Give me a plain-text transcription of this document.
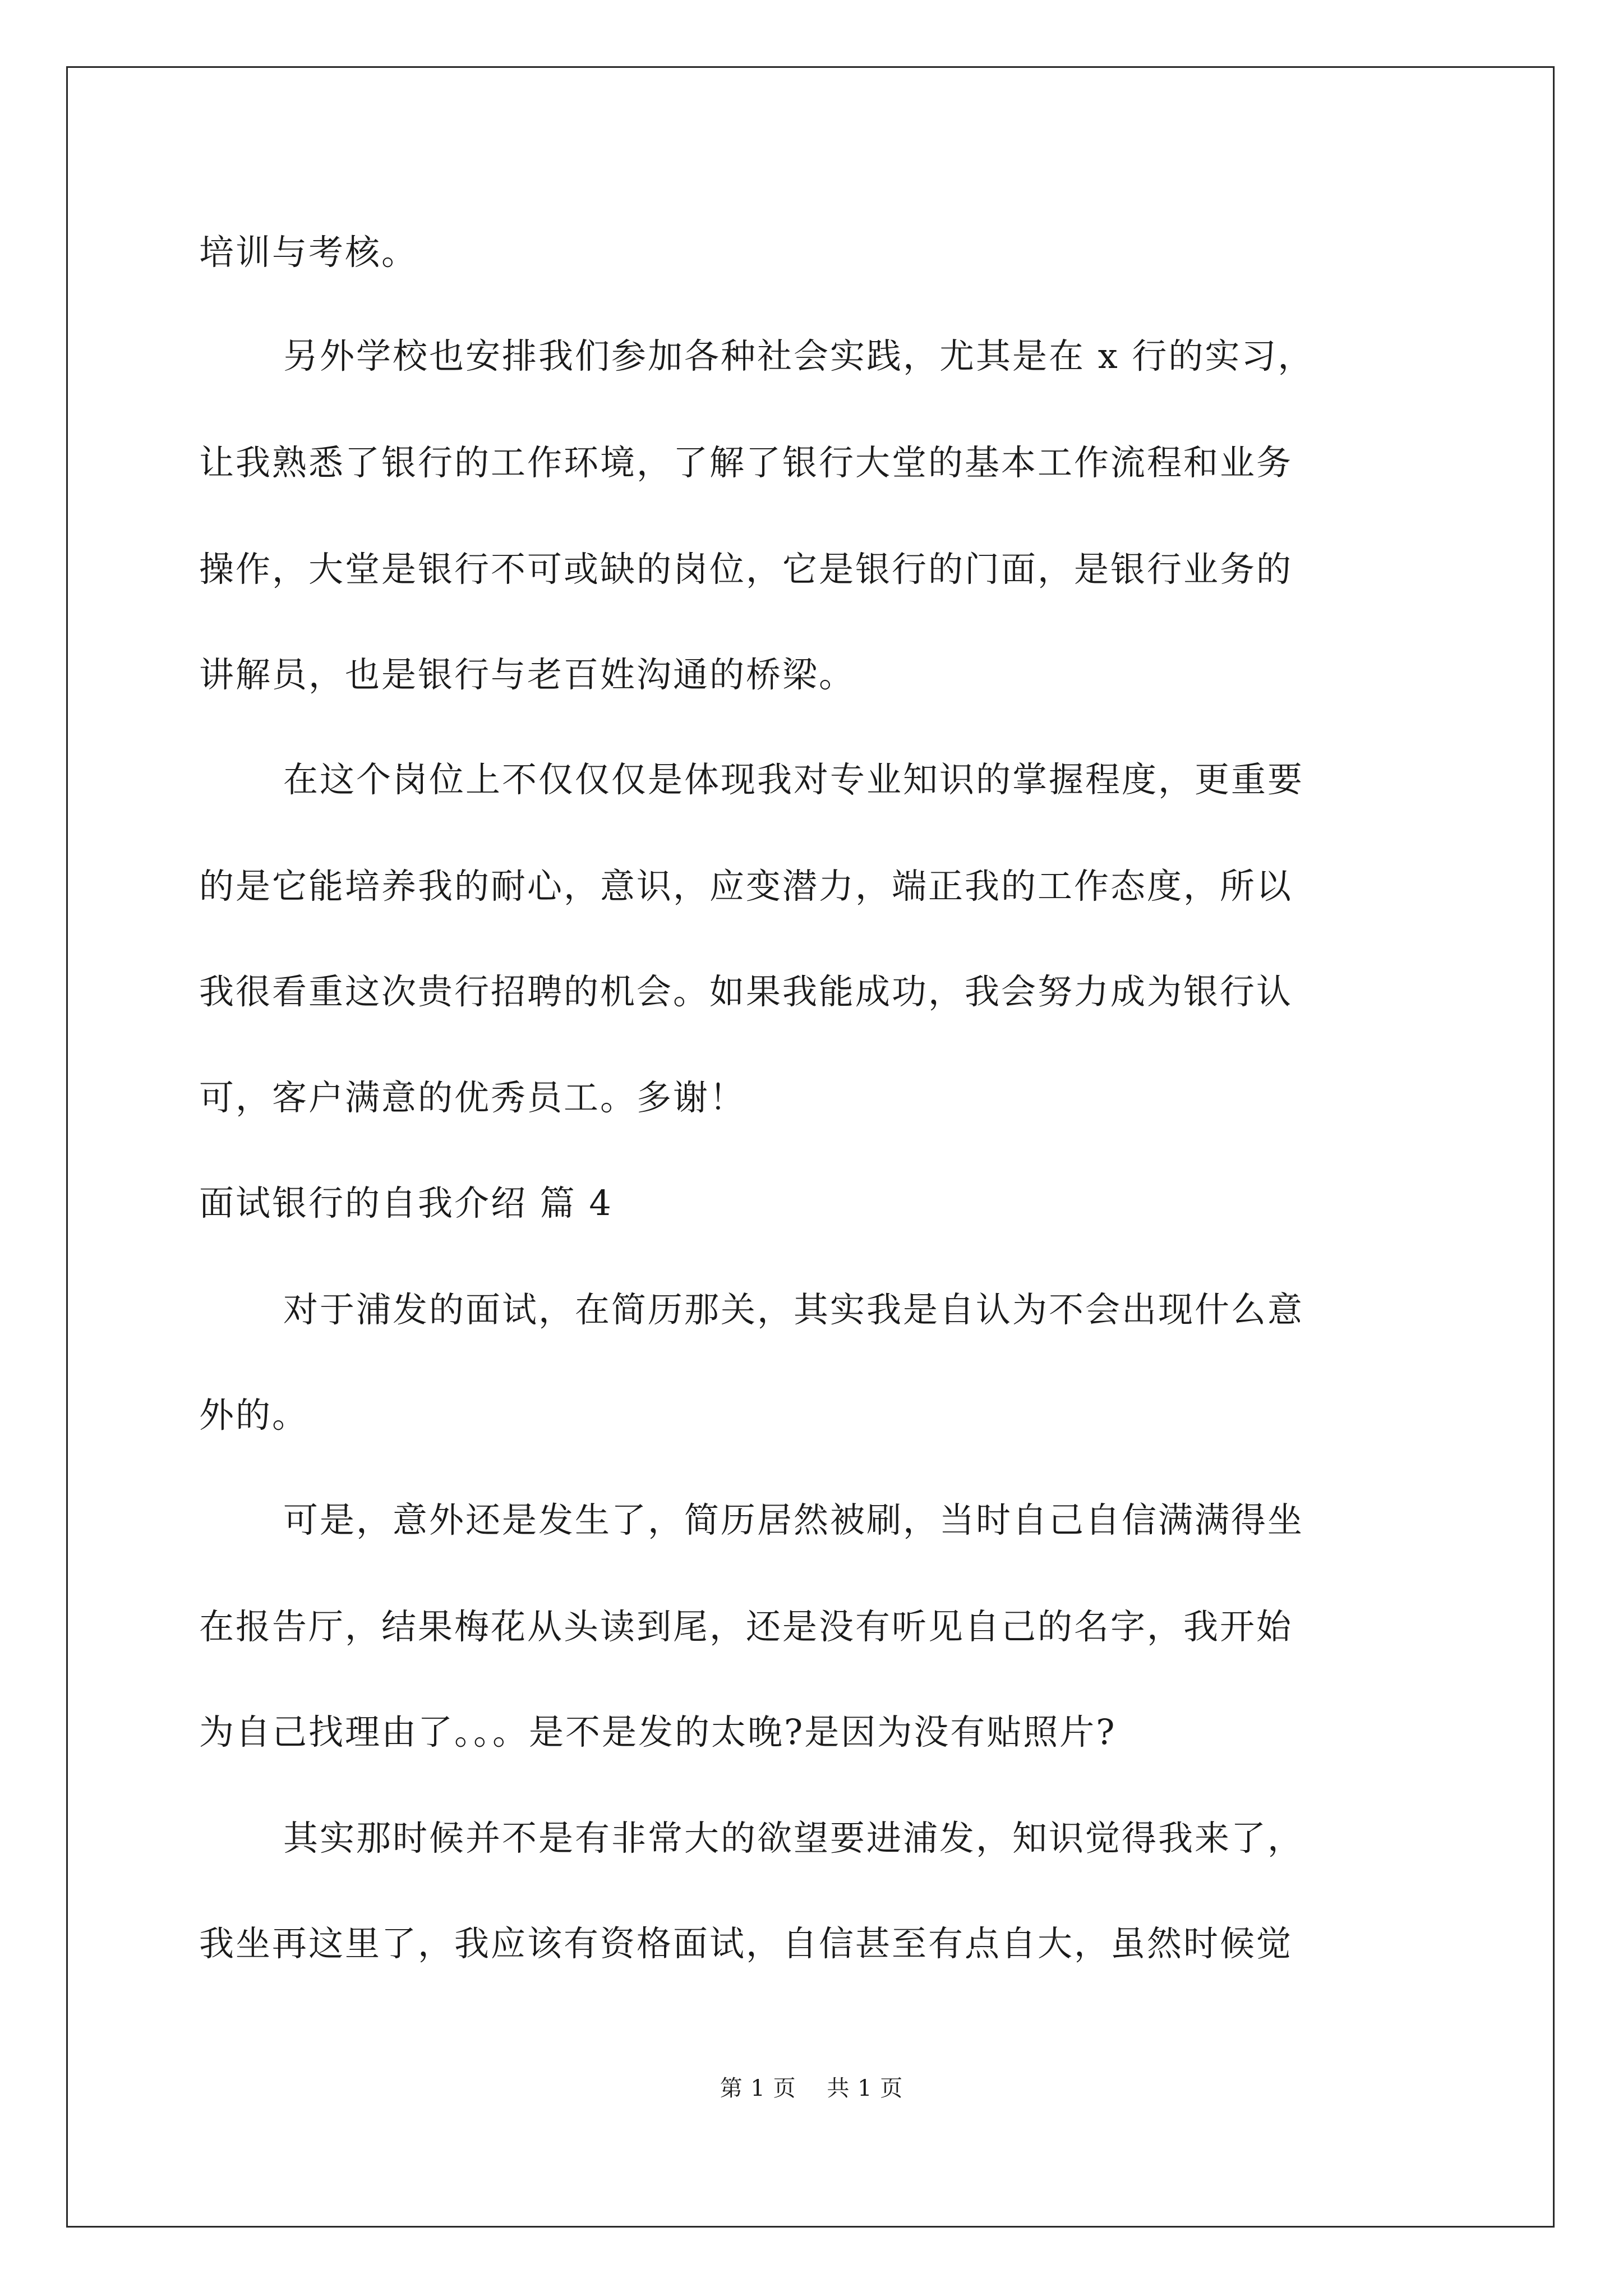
培训与考核。
另外学校也安排我们参加各种社会实践，尤其是在 x 行的实习，
让我熟悉了银行的工作环境，了解了银行大堂的基本工作流程和业务
操作，大堂是银行不可或缺的岗位，它是银行的门面，是银行业务的
讲解员，也是银行与老百姓沟通的桥梁。
在这个岗位上不仅仅仅是体现我对专业知识的掌握程度，更重要
的是它能培养我的耐心，意识，应变潜力，端正我的工作态度，所以
我很看重这次贵行招聘的机会。如果我能成功，我会努力成为银行认
可，客户满意的优秀员工。多谢！
面试银行的自我介绍 篇 4
对于浦发的面试，在简历那关，其实我是自认为不会出现什么意
外的。
可是，意外还是发生了，简历居然被刷，当时自己自信满满得坐
在报告厅，结果梅花从头读到尾，还是没有听见自己的名字，我开始
为自己找理由了。。。是不是发的太晚?是因为没有贴照片?
其实那时候并不是有非常大的欲望要进浦发，知识觉得我来了，
我坐再这里了，我应该有资格面试，自信甚至有点自大，虽然时候觉
第 1 页    共 1 页
